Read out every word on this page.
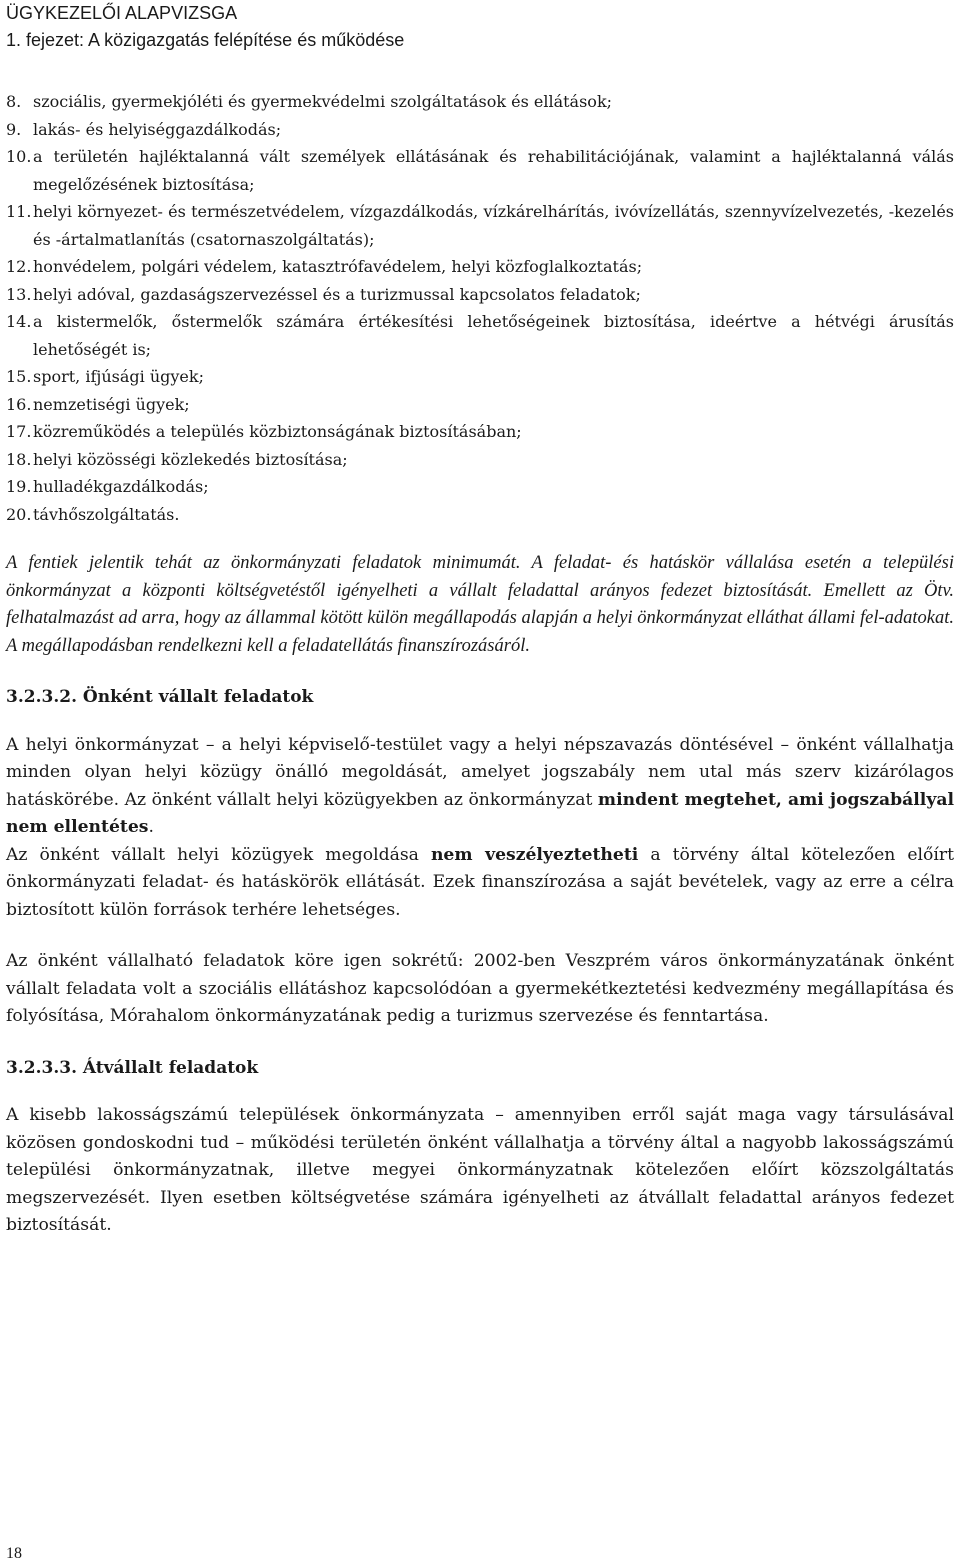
ÜGYKEZELŐI ALAPVIZSGA
1. fejezet: A közigazgatás felépítése és működése
8. szociális, gyermekjóléti és gyermekvédelmi szolgáltatások és ellátások;
9. lakás- és helyiséggazdálkodás;
10. a területén hajléktalanná vált személyek ellátásának és rehabilitációjának, valamint a hajléktalanná válás megelőzésének biztosítása;
11. helyi környezet- és természetvédelem, vízgazdálkodás, vízkárelhárítás, ivóvízellátás, szennyvízelvezetés, -kezelés és -ártalmatlanítás (csatornaszolgáltatás);
12. honvédelem, polgári védelem, katasztrófavédelem, helyi közfoglalkoztatás;
13. helyi adóval, gazdaságszervezéssel és a turizmussal kapcsolatos feladatok;
14. a kistermelők, őstermelők számára értékesítési lehetőségeinek biztosítása, ideértve a hétvégi árusítás lehetőségét is;
15. sport, ifjúsági ügyek;
16. nemzetiségi ügyek;
17. közreműködés a település közbiztonságának biztosításában;
18. helyi közösségi közlekedés biztosítása;
19. hulladékgazdálkodás;
20. távhőszolgáltatás.

A fentiek jelentik tehát az önkormányzati feladatok minimumát. A feladat- és hatáskör vállalása esetén a települési önkormányzat a központi költségvetéstől igényelheti a vállalt feladattal arányos fedezet biztosítását. Emellett az Ötv. felhatalmazást ad arra, hogy az állammal kötött külön megállapodás alapján a helyi önkormányzat elláthat állami fel-adatokat. A megállapodásban rendelkezni kell a feladatellátás finanszírozásáról.

3.2.3.2. Önként vállalt feladatok

A helyi önkormányzat – a helyi képviselő-testület vagy a helyi népszavazás döntésével – önként vállalhatja minden olyan helyi közügy önálló megoldását, amelyet jogszabály nem utal más szerv kizárólagos hatáskörébe. Az önként vállalt helyi közügyekben az önkormányzat mindent megtehet, ami jogszabállyal nem ellentétes.

Az önként vállalt helyi közügyek megoldása nem veszélyeztetheti a törvény által kötelezően előírt önkormányzati feladat- és hatáskörök ellátását. Ezek finanszírozása a saját bevételek, vagy az erre a célra biztosított külön források terhére lehetséges.

Az önként vállalható feladatok köre igen sokrétű: 2002-ben Veszprém város önkormányzatának önként vállalt feladata volt a szociális ellátáshoz kapcsolódóan a gyermekétkeztetési kedvezmény megállapítása és folyósítása, Mórahalom önkormányzatának pedig a turizmus szervezése és fenntartása.

3.2.3.3. Átvállalt feladatok

A kisebb lakosságszámú települések önkormányzata – amennyiben erről saját maga vagy társulásával közösen gondoskodni tud – működési területén önként vállalhatja a törvény által a nagyobb lakosságszámú települési önkormányzatnak, illetve megyei önkormányzatnak kötelezően előírt közszolgáltatás megszervezését. Ilyen esetben költségvetése számára igényelheti az átvállalt feladattal arányos fedezet biztosítását.

18
